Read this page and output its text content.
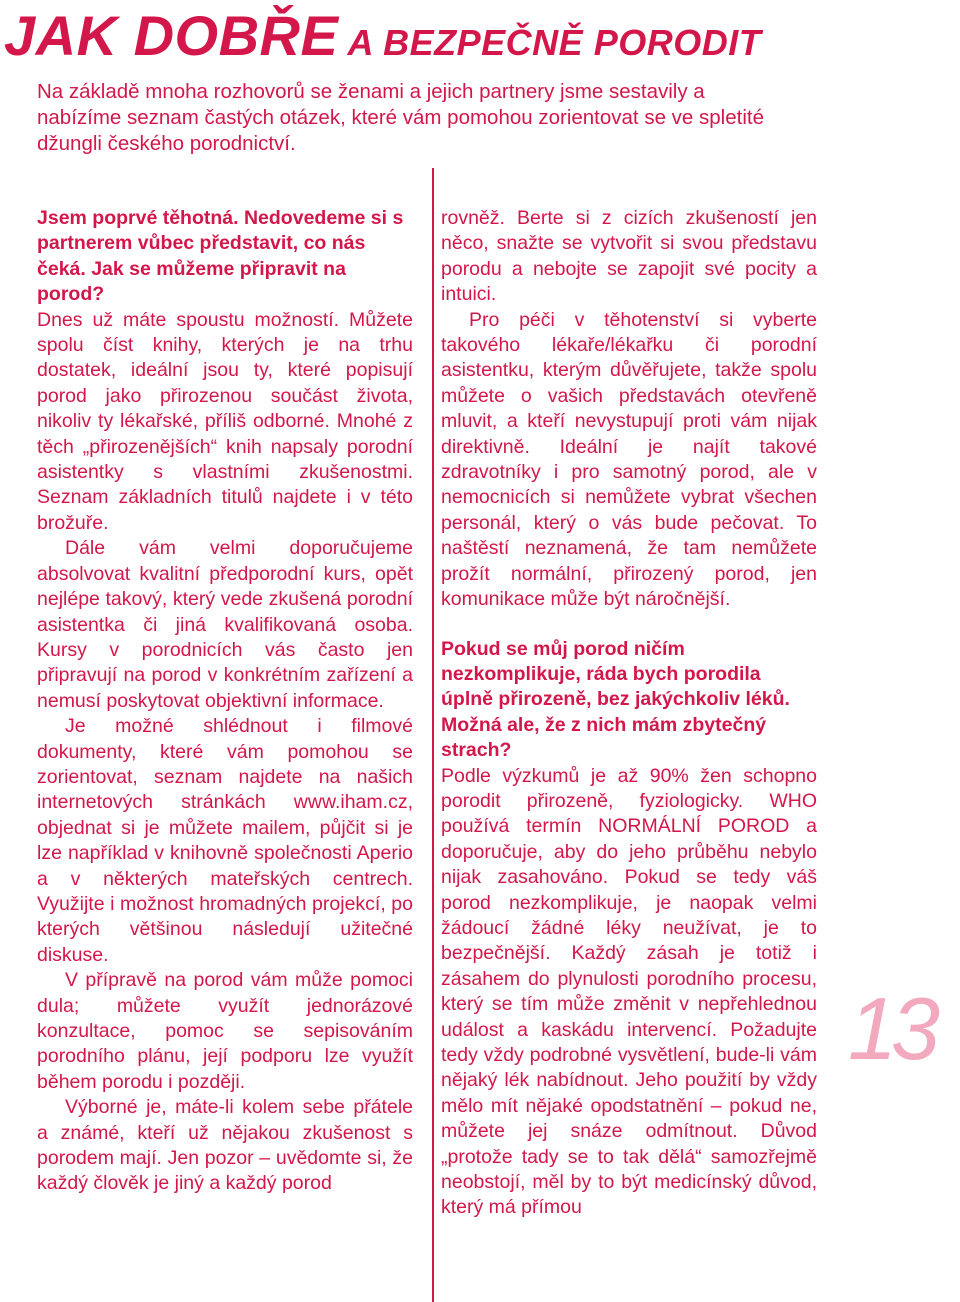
JAK DOBŘE A BEZPEČNĚ PORODIT

Na základě mnoha rozhovorů se ženami a jejich partnery jsme sestavily a nabízíme seznam častých otázek, které vám pomohou zorientovat se ve spletité džungli českého porodnictví.

Jsem poprvé těhotná. Nedovedeme si s partnerem vůbec představit, co nás čeká. Jak se můžeme připravit na porod?

Dnes už máte spoustu možností. Můžete spolu číst knihy, kterých je na trhu dostatek, ideální jsou ty, které popisují porod jako přirozenou součást života, nikoliv ty lékařské, příliš odborné. Mnohé z těch „přirozenějších“ knih napsaly porodní asistentky s vlastními zkušenostmi. Seznam základních titulů najdete i v této brožuře.

Dále vám velmi doporučujeme absolvovat kvalitní předporodní kurs, opět nejlépe takový, který vede zkušená porodní asistentka či jiná kvalifikovaná osoba. Kursy v porodnicích vás často jen připravují na porod v konkrétním zařízení a nemusí poskytovat objektivní informace.

Je možné shlédnout i filmové dokumenty, které vám pomohou se zorientovat, seznam najdete na našich internetových stránkách www.iham.cz, objednat si je můžete mailem, půjčit si je lze například v knihovně společnosti Aperio a v některých mateřských centrech. Využijte i možnost hromadných projekcí, po kterých většinou následují užitečné diskuse.

V přípravě na porod vám může pomoci dula; můžete využít jednorázové konzultace, pomoc se sepisováním porodního plánu, její podporu lze využít během porodu i později.

Výborné je, máte-li kolem sebe přátele a známé, kteří už nějakou zkušenost s porodem mají. Jen pozor – uvědomte si, že každý člověk je jiný a každý porod

rovněž. Berte si z cizích zkušeností jen něco, snažte se vytvořit si svou představu porodu a nebojte se zapojit své pocity a intuici.

Pro péči v těhotenství si vyberte takového lékaře/lékařku či porodní asistentku, kterým důvěřujete, takže spolu můžete o vašich představách otevřeně mluvit, a kteří nevystupují proti vám nijak direktivně. Ideální je najít takové zdravotníky i pro samotný porod, ale v nemocnicích si nemůžete vybrat všechen personál, který o vás bude pečovat. To naštěstí neznamená, že tam nemůžete prožít normální, přirozený porod, jen komunikace může být náročnější.

Pokud se můj porod ničím nezkomplikuje, ráda bych porodila úplně přirozeně, bez jakýchkoliv léků. Možná ale, že z nich mám zbytečný strach?

Podle výzkumů je až 90% žen schopno porodit přirozeně, fyziologicky. WHO používá termín NORMÁLNÍ POROD a doporučuje, aby do jeho průběhu nebylo nijak zasahováno. Pokud se tedy váš porod nezkomplikuje, je naopak velmi žádoucí žádné léky neužívat, je to bezpečnější. Každý zásah je totiž i zásahem do plynulosti porodního procesu, který se tím může změnit v nepřehlednou událost a kaskádu intervencí. Požadujte tedy vždy podrobné vysvětlení, bude-li vám nějaký lék nabídnout. Jeho použití by vždy mělo mít nějaké opodstatnění – pokud ne, můžete jej snáze odmítnout. Důvod „protože tady se to tak dělá“ samozřejmě neobstojí, měl by to být medicínský důvod, který má přímou

13
